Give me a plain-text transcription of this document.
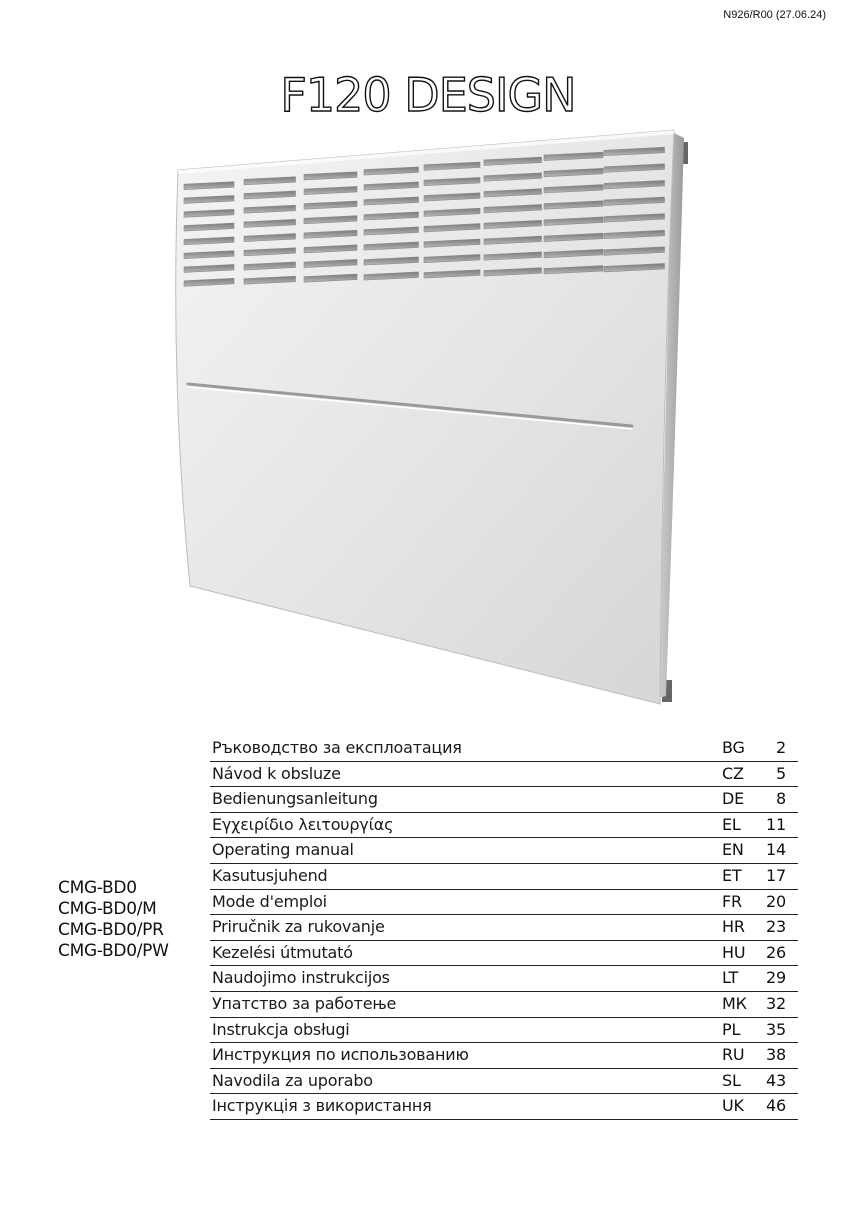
N926/R00 (27.06.24)
F120 DESIGN
CMG-BD0
CMG-BD0/M
CMG-BD0/PR
CMG-BD0/PW
Ръководство за експлоатация	BG	2
Návod k obsluze	CZ	5
Bedienungsanleitung	DE	8
Εγχειρίδιο λειτουργίας	EL	11
Operating manual	EN	14
Kasutusjuhend	ET	17
Mode d'emploi	FR	20
Priručnik za rukovanje	HR	23
Kezelési útmutató	HU	26
Naudojimo instrukcijos	LT	29
Упатство за работење	МК	32
Instrukcja obsługi	PL	35
Инструкция по использованию	RU	38
Navodila za uporabo	SL	43
Інструкція з використання	UK	46
